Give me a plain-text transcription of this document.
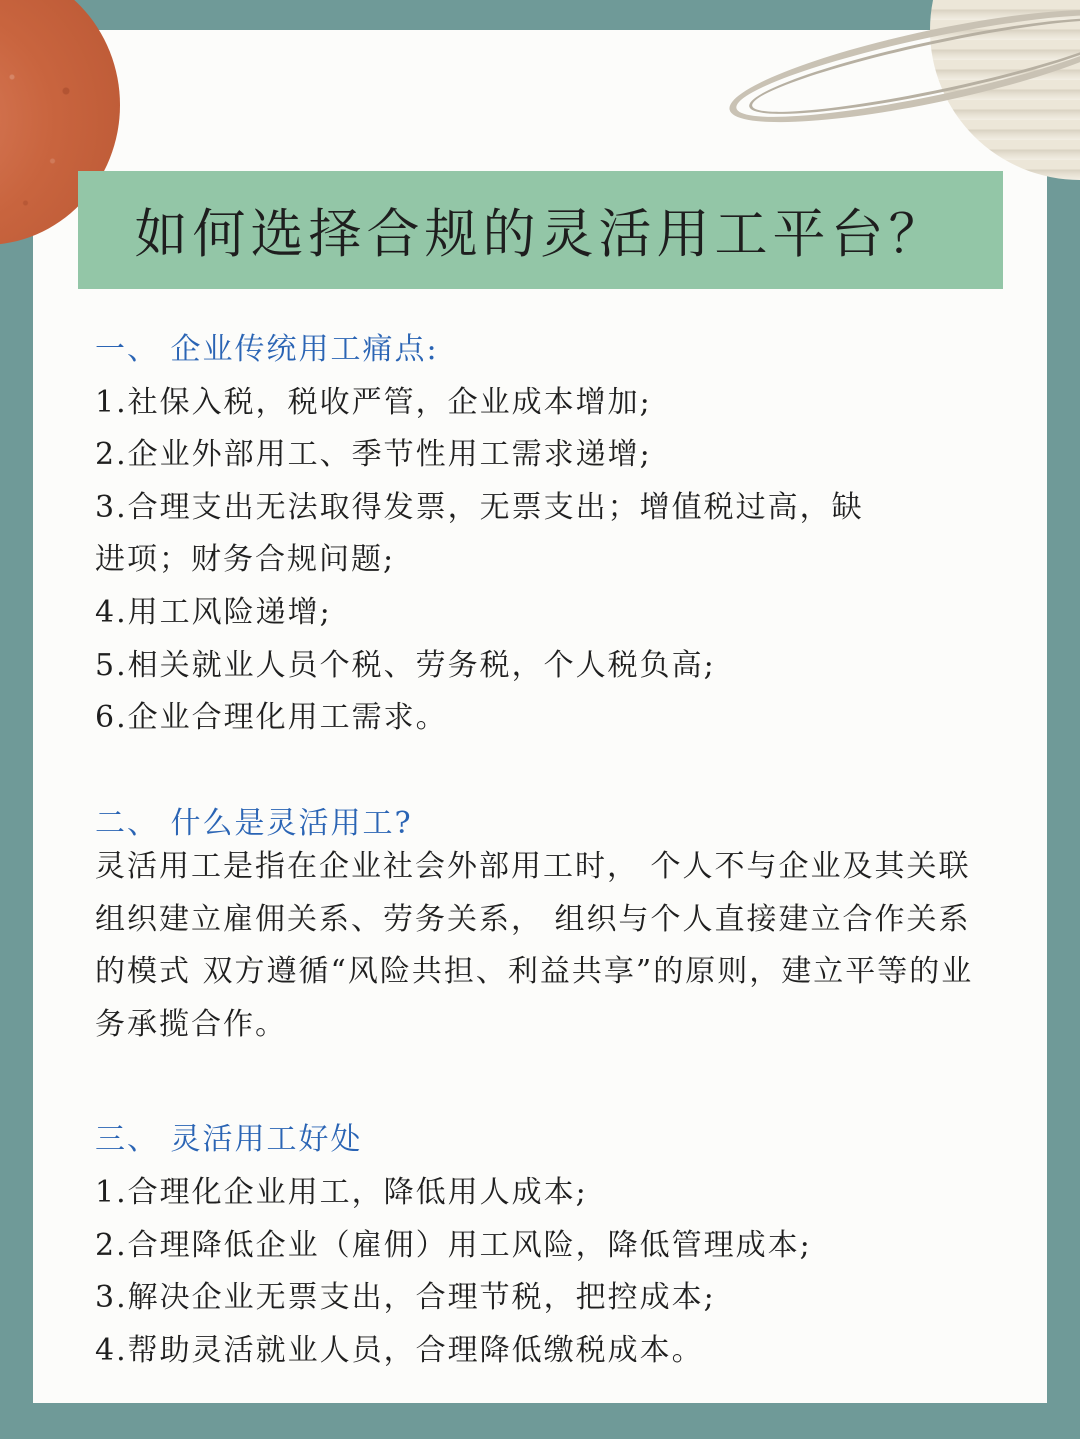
如何选择合规的灵活用工平台？
一、 企业传统用工痛点:
1.社保入税，税收严管，企业成本增加;
2.企业外部用工、季节性用工需求递增;
3.合理支出无法取得发票，无票支出；增值税过高，缺
进项；财务合规问题;
4.用工风险递增;
5.相关就业人员个税、劳务税，个人税负高;
6.企业合理化用工需求。
二、 什么是灵活用工?

灵活用工是指在企业社会外部用工时， 个人不与企业及其关联组织建立雇佣关系、劳务关系， 组织与个人直接建立合作关系的模式 双方遵循“风险共担、利益共享”的原则，建立平等的业务承揽合作。

三、 灵活用工好处
1.合理化企业用工，降低用人成本;
2.合理降低企业（雇佣）用工风险，降低管理成本;
3.解决企业无票支出，合理节税，把控成本;
4.帮助灵活就业人员，合理降低缴税成本。
